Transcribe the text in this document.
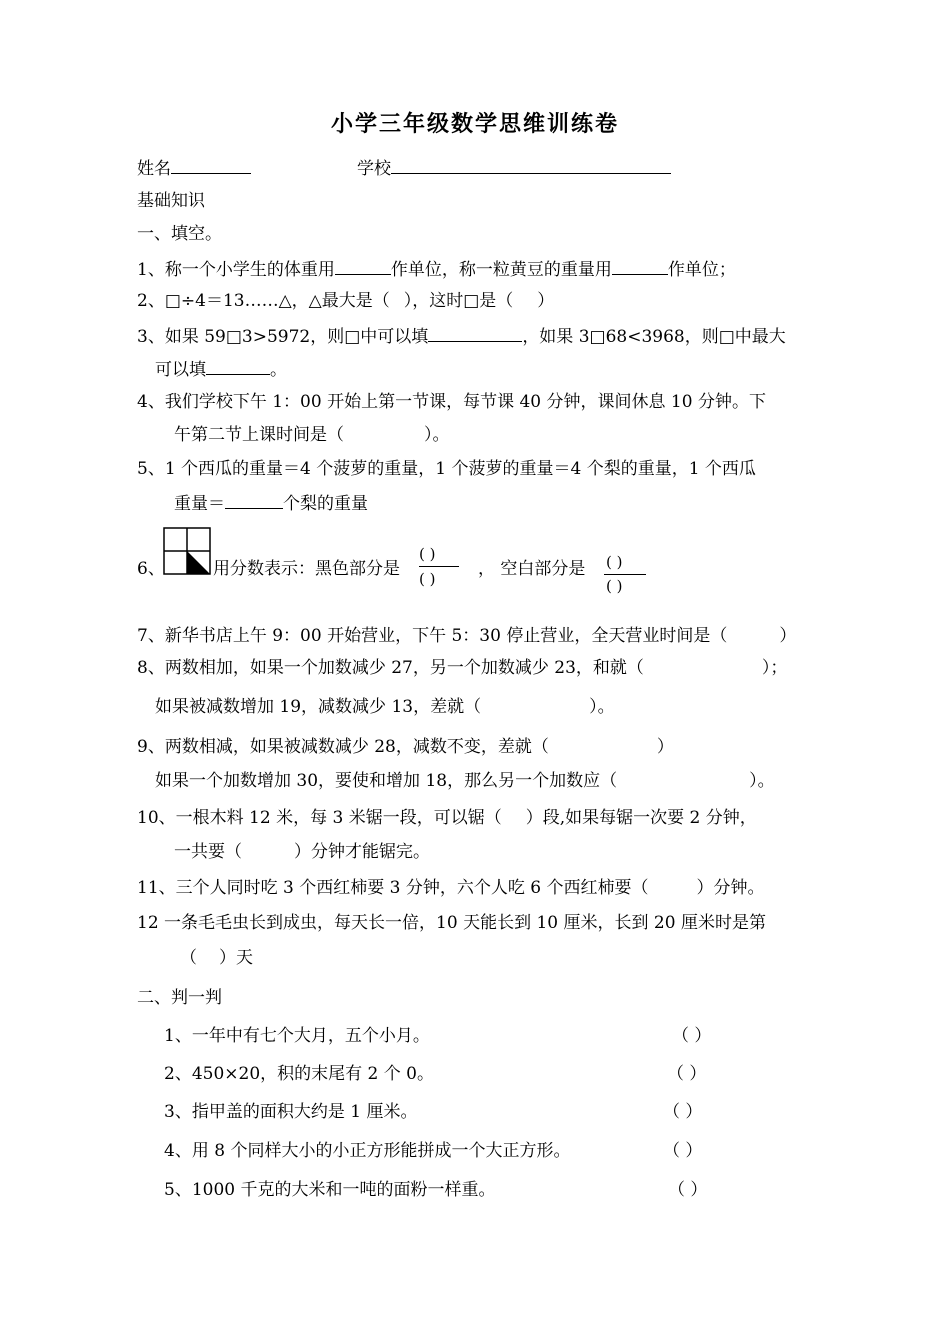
小学三年级数学思维训练卷
姓名	学校
基础知识
一、填空。
1、称一个小学生的体重用	作单位，称一粒黄豆的重量用	作单位；
2、□÷4＝13……△，△最大是（ ），这时□是（ ）
3、如果 59□3>5972，则□中可以填	，如果 3□68<3968，则□中最大
可以填	。
4、我们学校下午 1：00 开始上第一节课，每节课 40 分钟，课间休息 10 分钟。下
午第二节上课时间是（	）。
5、1 个西瓜的重量＝4 个菠萝的重量，1 个菠萝的重量＝4 个梨的重量，1 个西瓜
重量＝	个梨的重量
6、	用分数表示：黑色部分是
( )
( )	， 空白部分是 ( )
( )
7、新华书店上午 9：00 开始营业，下午 5：30 停止营业，全天营业时间是（	）
8、两数相加，如果一个加数减少 27，另一个加数减少 23，和就（	）；
如果被减数增加 19，减数减少 13，差就（	）。
9、两数相减，如果被减数减少 28，减数不变，差就（	）
如果一个加数增加 30，要使和增加 18，那么另一个加数应（	）。
10、一根木料 12 米，每 3 米锯一段，可以锯（ ）段,如果每锯一次要 2 分钟，
一共要（	）分钟才能锯完。
11、三个人同时吃 3 个西红柿要 3 分钟，六个人吃 6 个西红柿要（	）分钟。
12 一条毛毛虫长到成虫，每天长一倍，10 天能长到 10 厘米，长到 20 厘米时是第
（ ）天
二、判一判
1、一年中有七个大月，五个小月。	（ ）
2、450×20，积的末尾有 2 个 0。	（ ）
3、指甲盖的面积大约是 1 厘米。	（ ）
4、用 8 个同样大小的小正方形能拼成一个大正方形。	（ ）
5、1000 千克的大米和一吨的面粉一样重。	（ ）
